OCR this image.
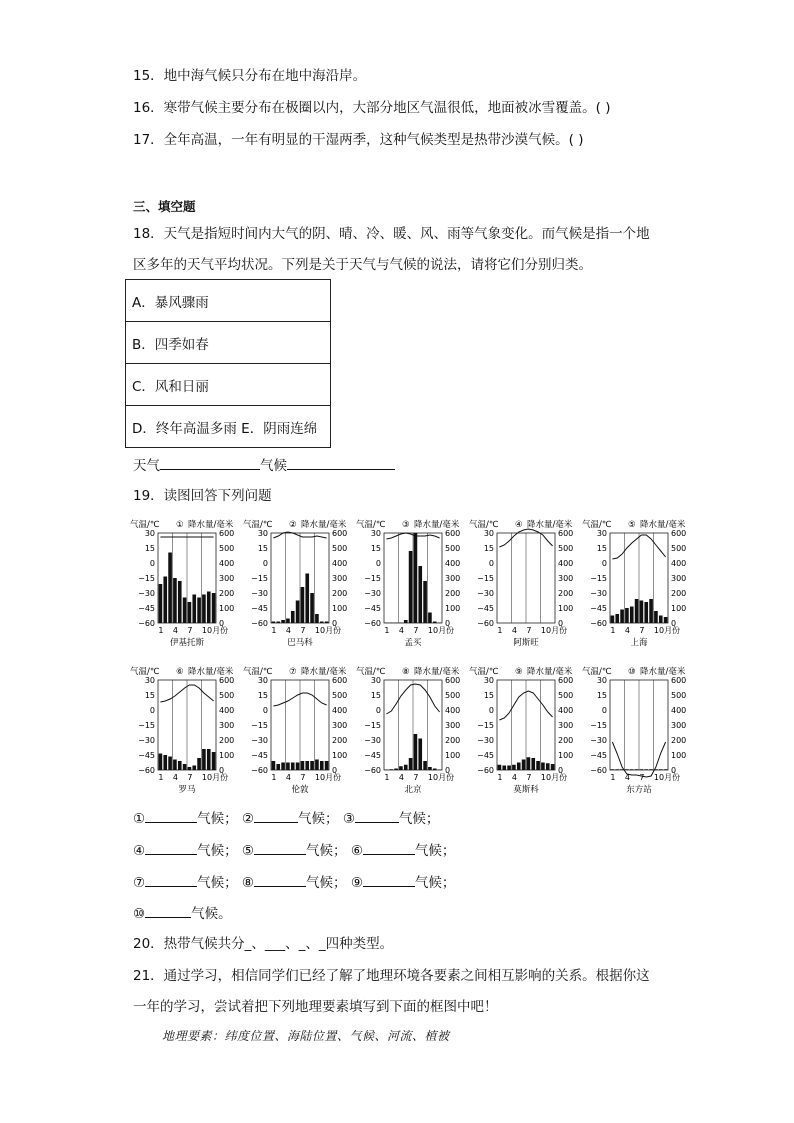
15．地中海气候只分布在地中海沿岸。
16．寒带气候主要分布在极圈以内，大部分地区气温很低，地面被冰雪覆盖。( )
17．全年高温，一年有明显的干湿两季，这种气候类型是热带沙漠气候。( )
三、填空题
18．天气是指短时间内大气的阴、晴、冷、暖、风、雨等气象变化。而气候是指一个地
区多年的天气平均状况。下列是关于天气与气候的说法，请将它们分别归类。
A．暴风骤雨
B．四季如春
C．风和日丽
D．终年高温多雨 E．阴雨连绵
天气	气候
19．读图回答下列问题
气温/℃ ① 降水量/毫米
30
15
0
−15
−30
−45
−60
600
500
400
300
200
100
0
1 4 7 10月份
伊基托斯
气温/℃ ② 降水量/毫米
30
15
0
−15
−30
−45
−60
600
500
400
300
200
100
0
1 4 7 10月份
巴马科
气温/℃ ③ 降水量/毫米
30
15
0
−15
−30
−45
−60
600
500
400
300
200
100
0
1 4 7 10月份
孟买
气温/℃ ④ 降水量/毫米
30
15
0
−15
−30
−45
−60
600
500
400
300
200
100
0
1 4 7 10月份
阿斯旺
气温/℃ ⑤ 降水量/毫米
30
15
0
−15
−30
−45
−60
600
500
400
300
200
100
0
1 4 7 10月份
上海
气温/℃ ⑥ 降水量/毫米
30
15
0
−15
−30
−45
−60
600
500
400
300
200
100
0
1 4 7 10月份
罗马
气温/℃ ⑦ 降水量/毫米
30
15
0
−15
−30
−45
−60
600
500
400
300
200
100
0
1 4 7 10月份
伦敦
气温/℃ ⑧ 降水量/毫米
30
15
0
−15
−30
−45
−60
600
500
400
300
200
100
0
1 4 7 10月份
北京
气温/℃ ⑨ 降水量/毫米
30
15
0
−15
−30
−45
−60
600
500
400
300
200
100
0
1 4 7 10月份
莫斯科
气温/℃ ⑩ 降水量/毫米
30
15
0
−15
−30
−45
−60
600
500
400
300
200
100
0
1 4 7 10月份
东方站
①	气候； ②	气候； ③	气候；
④	气候； ⑤	气候； ⑥	气候；
⑦	气候； ⑧	气候； ⑨	气候；
⑩	气候。
20．热带气候共分_、___、_、_四种类型。
21．通过学习，相信同学们已经了解了地理环境各要素之间相互影响的关系。根据你这
一年的学习，尝试着把下列地理要素填写到下面的框图中吧！
地理要素：纬度位置、海陆位置、气候、河流、植被
